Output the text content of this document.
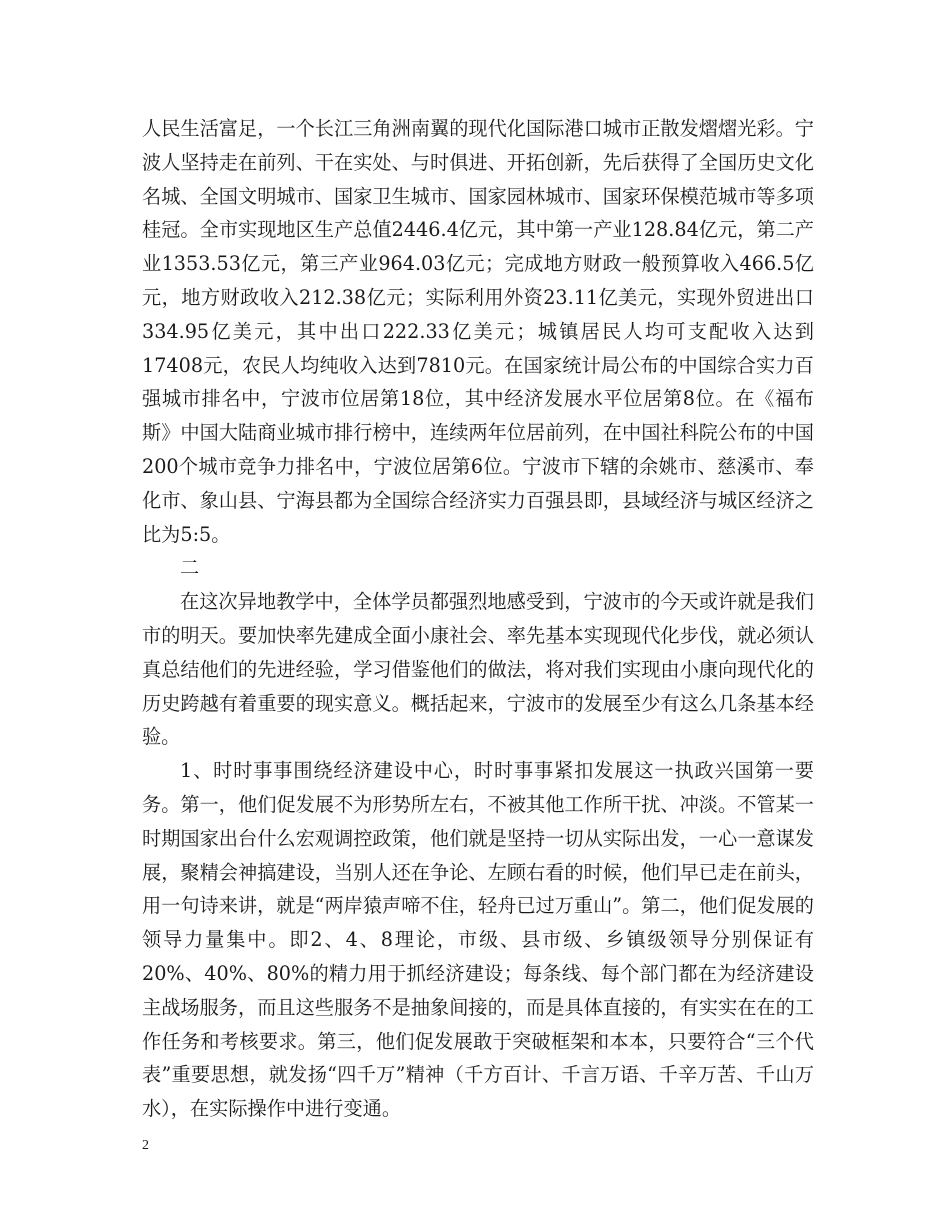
人民生活富足，一个长江三角洲南翼的现代化国际港口城市正散发熠熠光彩。宁波人坚持走在前列、干在实处、与时俱进、开拓创新，先后获得了全国历史文化名城、全国文明城市、国家卫生城市、国家园林城市、国家环保模范城市等多项桂冠。全市实现地区生产总值2446.4亿元，其中第一产业128.84亿元，第二产业1353.53亿元，第三产业964.03亿元；完成地方财政一般预算收入466.5亿元，地方财政收入212.38亿元；实际利用外资23.11亿美元，实现外贸进出口334.95亿美元，其中出口222.33亿美元；城镇居民人均可支配收入达到17408元，农民人均纯收入达到7810元。在国家统计局公布的中国综合实力百强城市排名中，宁波市位居第18位，其中经济发展水平位居第8位。在《福布斯》中国大陆商业城市排行榜中，连续两年位居前列，在中国社科院公布的中国200个城市竞争力排名中，宁波位居第6位。宁波市下辖的余姚市、慈溪市、奉化市、象山县、宁海县都为全国综合经济实力百强县即，县域经济与城区经济之比为5:5。

二

在这次异地教学中，全体学员都强烈地感受到，宁波市的今天或许就是我们市的明天。要加快率先建成全面小康社会、率先基本实现现代化步伐，就必须认真总结他们的先进经验，学习借鉴他们的做法，将对我们实现由小康向现代化的历史跨越有着重要的现实意义。概括起来，宁波市的发展至少有这么几条基本经验。

1、时时事事围绕经济建设中心，时时事事紧扣发展这一执政兴国第一要务。第一，他们促发展不为形势所左右，不被其他工作所干扰、冲淡。不管某一时期国家出台什么宏观调控政策，他们就是坚持一切从实际出发，一心一意谋发展，聚精会神搞建设，当别人还在争论、左顾右看的时候，他们早已走在前头，用一句诗来讲，就是“两岸猿声啼不住，轻舟已过万重山”。第二，他们促发展的领导力量集中。即2、4、8理论，市级、县市级、乡镇级领导分别保证有20%、40%、80%的精力用于抓经济建设；每条线、每个部门都在为经济建设主战场服务，而且这些服务不是抽象间接的，而是具体直接的，有实实在在的工作任务和考核要求。第三，他们促发展敢于突破框架和本本，只要符合“三个代表”重要思想，就发扬“四千万”精神（千方百计、千言万语、千辛万苦、千山万水），在实际操作中进行变通。

2
